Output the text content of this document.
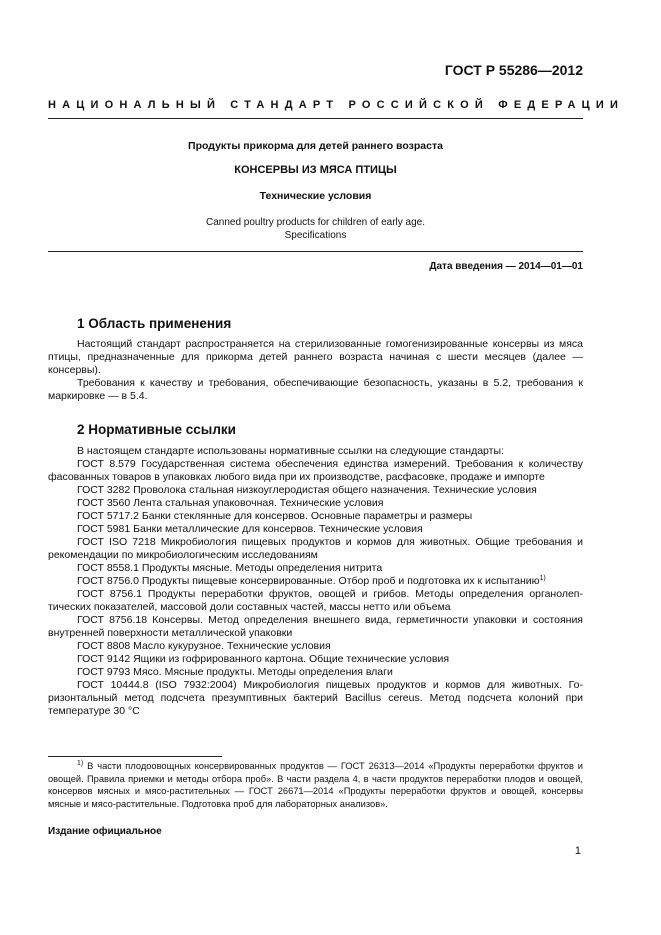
ГОСТ Р 55286—2012
НАЦИОНАЛЬНЫЙ СТАНДАРТ РОССИЙСКОЙ ФЕДЕРАЦИИ
Продукты прикорма для детей раннего возраста
КОНСЕРВЫ ИЗ МЯСА ПТИЦЫ
Технические условия
Canned poultry products for children of early age.
Specifications
Дата введения — 2014—01—01
1 Область применения

Настоящий стандарт распространяется на стерилизованные гомогенизированные консервы из мяса птицы, предназначенные для прикорма детей раннего возраста начиная с шести месяцев (далее — консервы).

Требования к качеству и требования, обеспечивающие безопасность, указаны в 5.2, требования к маркировке — в 5.4.

2 Нормативные ссылки

В настоящем стандарте использованы нормативные ссылки на следующие стандарты:

ГОСТ 8.579 Государственная система обеспечения единства измерений. Требования к количеству фасованных товаров в упаковках любого вида при их производстве, расфасовке, продаже и импорте

ГОСТ 3282 Проволока стальная низкоуглеродистая общего назначения. Технические условия

ГОСТ 3560 Лента стальная упаковочная. Технические условия

ГОСТ 5717.2 Банки стеклянные для консервов. Основные параметры и размеры

ГОСТ 5981 Банки металлические для консервов. Технические условия

ГОСТ ISO 7218 Микробиология пищевых продуктов и кормов для животных. Общие требования и рекомендации по микробиологическим исследованиям

ГОСТ 8558.1 Продукты мясные. Методы определения нитрита

ГОСТ 8756.0 Продукты пищевые консервированные. Отбор проб и подготовка их к испытанию$^{1)}$

ГОСТ 8756.1 Продукты переработки фруктов, овощей и грибов. Методы определения органолептических показателей, массовой доли составных частей, массы нетто или объема

ГОСТ 8756.18 Консервы. Метод определения внешнего вида, герметичности упаковки и состояния внутренней поверхности металлической упаковки

ГОСТ 8808 Масло кукурузное. Технические условия

ГОСТ 9142 Ящики из гофрированного картона. Общие технические условия

ГОСТ 9793 Мясо. Мясные продукты. Методы определения влаги

ГОСТ 10444.8 (ISO 7932:2004) Микробиология пищевых продуктов и кормов для животных. Горизонтальный метод подсчета презумптивных бактерий Bacillus cereus. Метод подсчета колоний при температуре 30 °С

$^{1)}$ В части плодоовощных консервированных продуктов — ГОСТ 26313—2014 «Продукты переработки фруктов и овощей. Правила приемки и методы отбора проб». В части раздела 4, в части продуктов переработки плодов и овощей, консервов мясных и мясо-растительных — ГОСТ 26671—2014 «Продукты переработки фруктов и овощей, консервы мясные и мясо-растительные. Подготовка проб для лабораторных анализов».

Издание официальное
1
